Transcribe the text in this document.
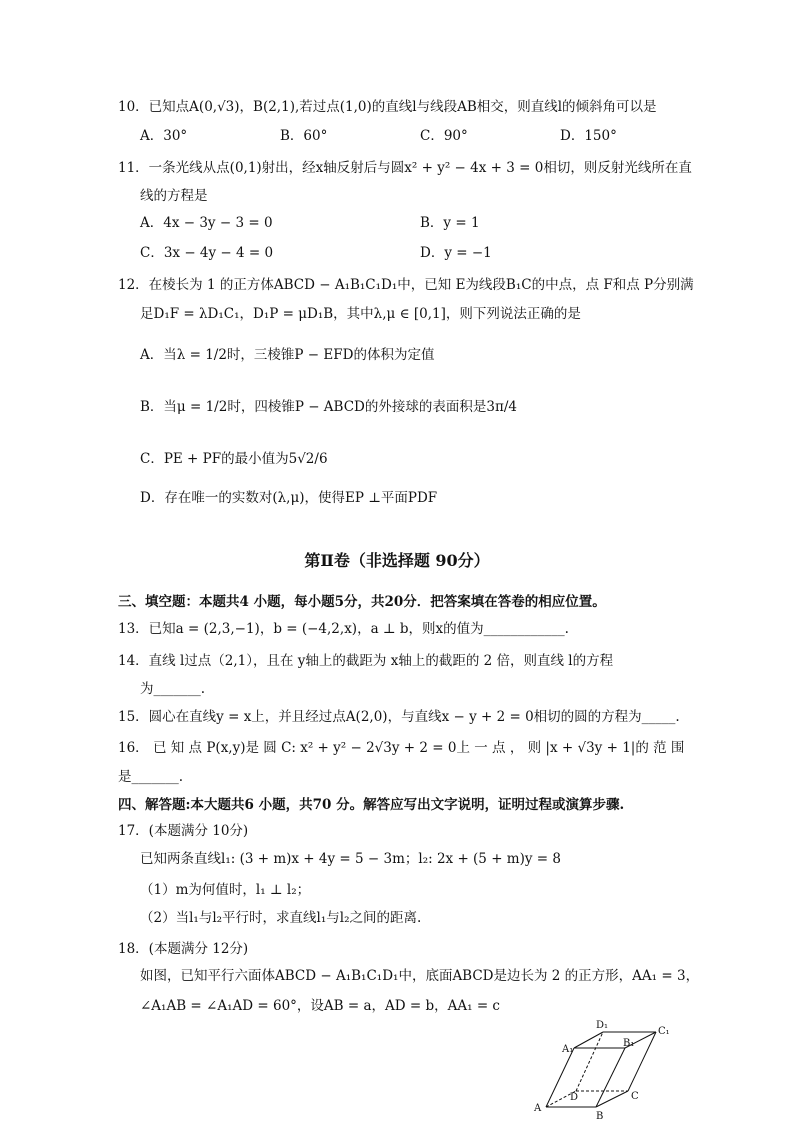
10．已知点A(0,√3)，B(2,1),若过点(1,0)的直线l与线段AB相交，则直线l的倾斜角可以是
A．30°	B．60°	C．90°	D．150°
11．一条光线从点(0,1)射出，经x轴反射后与圆x² + y² − 4x + 3 = 0相切，则反射光线所在直
线的方程是
A．4x − 3y − 3 = 0	B．y = 1
C．3x − 4y − 4 = 0	D．y = −1
12．在棱长为 1 的正方体ABCD − A₁B₁C₁D₁中，已知 E为线段B₁C的中点，点 F和点 P分别满
足D₁F = λD₁C₁，D₁P = μD₁B，其中λ,μ ∈ [0,1]，则下列说法正确的是
A．当λ = 1/2时，三棱锥P − EFD的体积为定值
B．当μ = 1/2时，四棱锥P − ABCD的外接球的表面积是3π/4
C．PE + PF的最小值为5√2/6
D．存在唯一的实数对(λ,μ)，使得EP ⊥平面PDF
第Ⅱ卷（非选择题 90分）
三、填空题：本题共4 小题，每小题5分，共20分．把答案填在答卷的相应位置。
13．已知a = (2,3,−1)，b = (−4,2,x)，a ⊥ b，则x的值为____________.
14．直线 l过点（2,1），且在 y轴上的截距为 x轴上的截距的 2 倍，则直线 l的方程
为_______.
15．圆心在直线y = x上，并且经过点A(2,0)，与直线x − y + 2 = 0相切的圆的方程为_____.
16． 已 知 点 P(x,y)是 圆 C: x² + y² − 2√3y + 2 = 0上 一 点 ， 则 |x + √3y + 1|的 范 围
是_______.
四、解答题:本大题共6 小题，共70 分。解答应写出文字说明，证明过程或演算步骤.
17．(本题满分 10分)
已知两条直线l₁: (3 + m)x + 4y = 5 − 3m；l₂: 2x + (5 + m)y = 8
（1）m为何值时，l₁ ⊥ l₂；
（2）当l₁与l₂平行时，求直线l₁与l₂之间的距离.
18．(本题满分 12分)
如图，已知平行六面体ABCD − A₁B₁C₁D₁中，底面ABCD是边长为 2 的正方形，AA₁ = 3，
∠A₁AB = ∠A₁AD = 60°，设AB = a，AD = b，AA₁ = c
A
B
C
D
A₁
B₁
C₁
D₁
